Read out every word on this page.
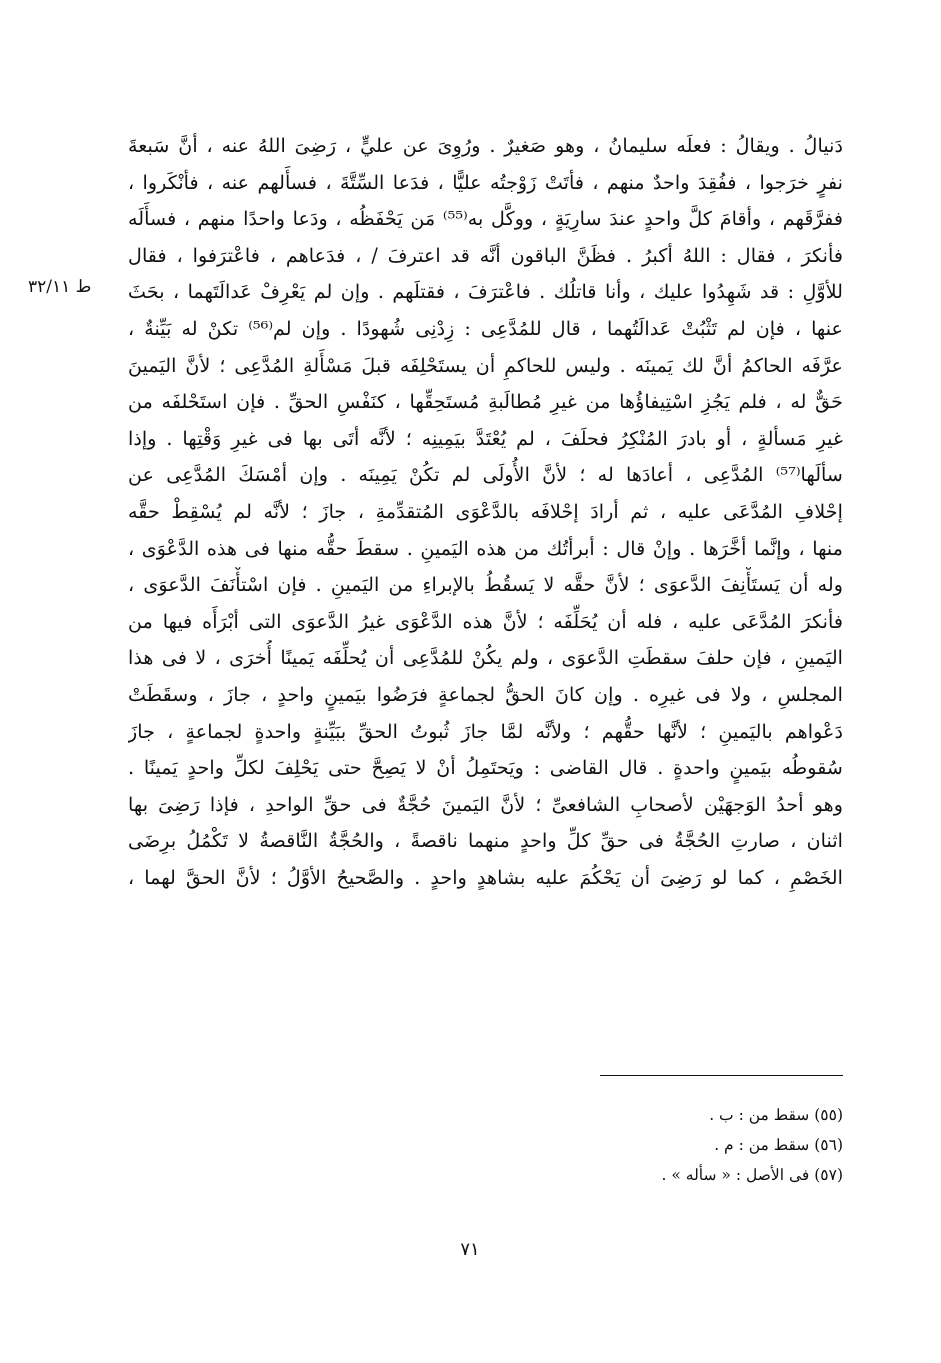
ط ٣٢/١١
دَنيالُ . ويقالُ : فعلَه سليمانُ ، وهو صَغيرٌ . ورُوِىَ عن عليٍّ ، رَضِىَ اللهُ عنه ، أنَّ سَبعةَ
نفرٍ خرَجوا ، ففُقِدَ واحدٌ منهم ، فأتَتْ زَوْجتُه عليًّا ، فدَعا السِّتَّةَ ، فسأَلهم عنه ، فأنْكَروا ،
ففرَّقَهم ، وأقامَ كلَّ واحدٍ عندَ سارِيَةٍ ، ووكَّل به⁽⁵⁵⁾ مَن يَحْفَظُه ، ودَعا واحدًا منهم ، فسأَلَه
فأنكرَ ، فقال : اللهُ أكبرُ . فظَنَّ الباقون أنَّه قد اعترفَ / ، فدَعاهم ، فاعْترَفوا ، فقال
للأوَّلِ : قد شَهِدُوا عليك ، وأنا قاتلُك . فاعْترَفَ ، فقتلَهم . وإن لم يَعْرِفْ عَدالَتَهما ، بحَثَ
عنها ، فإن لم تَثْبُتْ عَدالَتُهما ، قال للمُدَّعِى : زِدْنِى شُهودًا . وإن لم⁽⁵⁶⁾ تكنْ له بَيِّنةٌ ،
عرَّفَه الحاكمُ أنَّ لك يَمينَه . وليس للحاكمِ أن يستَحْلِفَه قبلَ مَسْأَلةِ المُدَّعِى ؛ لأنَّ اليَمينَ
حَقٌّ له ، فلم يَجُزِ اسْتِيفاؤُها من غيرِ مُطالَبةِ مُستَحِقِّها ، كنَفْسِ الحقِّ . فإن استَحْلفَه من
غيرِ مَسألةٍ ، أو بادرَ المُنْكِرُ فحلَفَ ، لم يُعْتَدَّ بيَمِينِه ؛ لأنَّه أتَى بها فى غيرِ وَقْتِها . وإذا
سألَها⁽⁵⁷⁾ المُدَّعِى ، أعادَها له ؛ لأنَّ الأُولَى لم تكُنْ يَمِينَه . وإن أمْسَكَ المُدَّعِى عن
إحْلافِ المُدَّعَى عليه ، ثم أرادَ إحْلافَه بالدَّعْوَى المُتقدِّمةِ ، جازَ ؛ لأنَّه لم يُسْقِطْ حقَّه
منها ، وإنَّما أخَّرَها . وإنْ قال : أبرأتُك من هذه اليَمينِ . سقطَ حقُّه منها فى هذه الدَّعْوَى ،
وله أن يَستَأْنِفَ الدَّعوَى ؛ لأنَّ حقَّه لا يَسقُطُ بالإبراءِ من اليَمينِ . فإن اسْتأْنَفَ الدَّعوَى ،
فأنكرَ المُدَّعَى عليه ، فله أن يُحَلِّفَه ؛ لأنَّ هذه الدَّعْوَى غيرُ الدَّعوَى التى أبْرَأَه فيها من
اليَمينِ ، فإن حلفَ سقطَتِ الدَّعوَى ، ولم يكُنْ للمُدَّعِى أن يُحلِّفَه يَمينًا أُخرَى ، لا فى هذا
المجلسِ ، ولا فى غيرِه . وإن كانَ الحقُّ لجماعةٍ فرَضُوا بيَمينٍ واحدٍ ، جازَ ، وسقَطَتْ
دَعْواهم باليَمينِ ؛ لأنَّها حقُّهم ؛ ولأنَّه لمَّا جازَ ثُبوتُ الحقِّ ببَيِّنةٍ واحدةٍ لجماعةٍ ، جازَ
سُقوطُه بيَمينٍ واحدةٍ . قال القاضى : ويَحتَمِلُ أنْ لا يَصِحَّ حتى يَحْلِفَ لكلِّ واحدٍ يَمينًا .
وهو أحدُ الوَجهَيْن لأصحابِ الشافعىِّ ؛ لأنَّ اليَمينَ حُجَّةٌ فى حقِّ الواحدِ ، فإذا رَضِىَ بها
اثنان ، صارتِ الحُجَّةُ فى حقِّ كلِّ واحدٍ منهما ناقصةً ، والحُجَّةُ النَّاقصةُ لا تَكْمُلُ برِضَى
الخَصْمِ ، كما لو رَضِىَ أن يَحْكُمَ عليه بشاهدٍ واحدٍ . والصَّحيحُ الأوَّلُ ؛ لأنَّ الحقَّ لهما ،
(٥٥) سقط من : ب .
(٥٦) سقط من : م .
(٥٧) فى الأصل : « سأله » .
٧١
